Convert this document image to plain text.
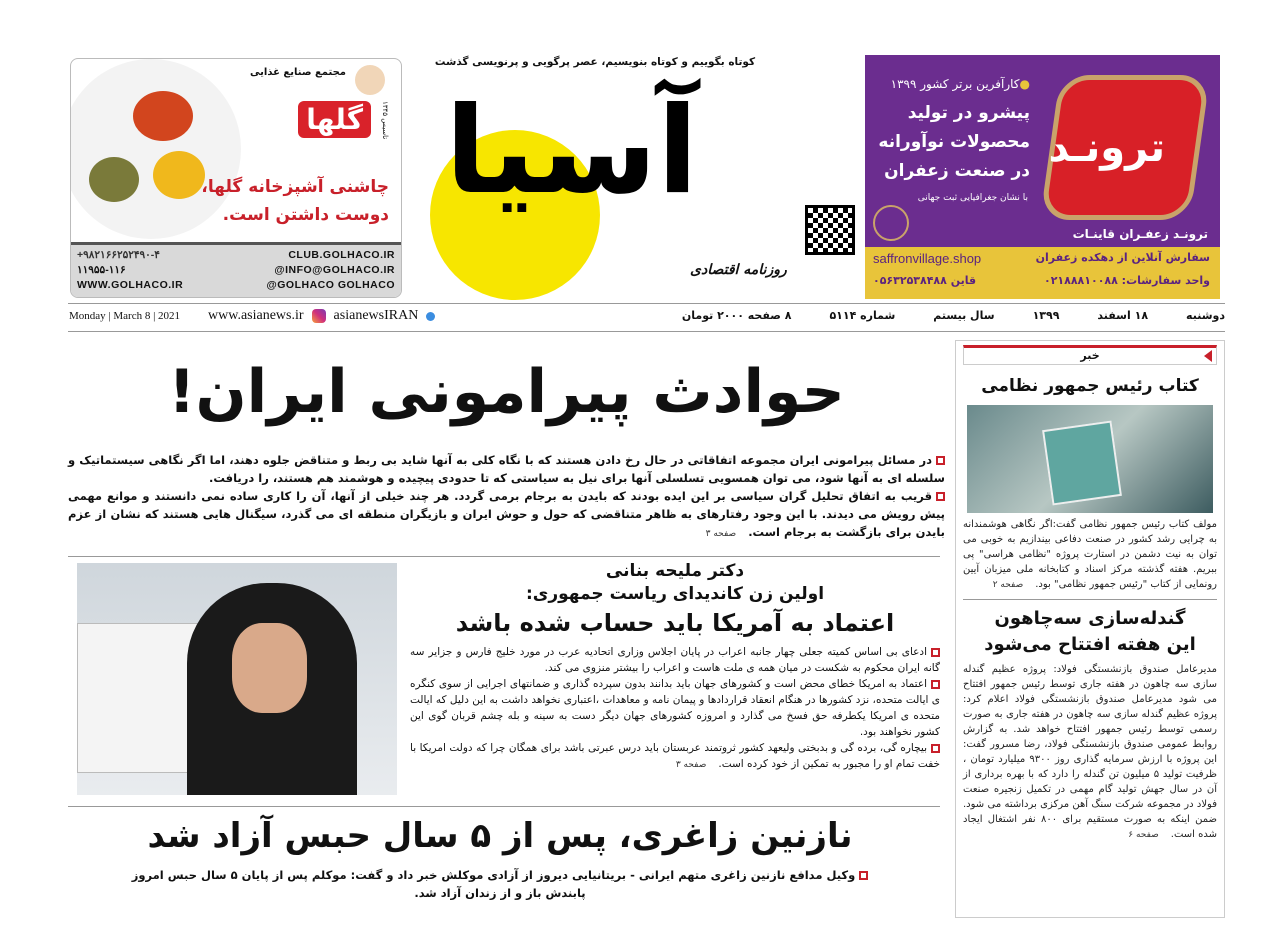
مجتمع صنایع غذایی
گلها	تاسیس ۱۳۴۵
چاشنی آشپزخانه گلها،
دوست داشتن است.
+۹۸۲۱۶۶۲۵۲۴۹۰-۴	CLUB.GOLHACO.IR
۱۱۹۵۵-۱۱۶	@INFO@GOLHACO.IR
WWW.GOLHACO.IR	@GOLHACO GOLHACO
کوتاه بگوییم و کوتاه بنویسیم، عصر پرگویی و پرنویسی گذشت
آسیا
روزنامه اقتصادی
ترونـد
ترونـد زعفـران قاینـات
●کارآفرین برتر کشور ۱۳۹۹
پیشرو در تولید
محصولات نوآورانه
در صنعت زعفران
با نشان جغرافیایی ثبت جهانی
سفارش آنلاین از دهکده زعفران
واحد سفارشات: ۰۲۱۸۸۸۱۰۰۸۸
saffronvillage.shop
قاین ۰۵۶۳۲۵۳۸۴۸۸
دوشنبه
۱۸ اسفند
۱۳۹۹
سال بیستم
شماره ۵۱۱۴
۸ صفحه ۲۰۰۰ تومان
Monday | March 8 | 2021 www.asianews.ir asianewsIRAN
حوادث پیرامونی ایران!

در مسائل پیرامونی ایران مجموعه اتفاقاتی در حال رخ دادن هستند که با نگاه کلی به آنها شاید بی ربط و متناقض جلوه دهند، اما اگر نگاهی سیستماتیک و سلسله ای به آنها شود، می توان همسویی تسلسلی آنها برای نیل به سیاستی که تا حدودی پیچیده و هوشمند هم هستند، را دریافت.

قریب به اتفاق تحلیل گران سیاسی بر این ایده بودند که بایدن به برجام برمی گردد. هر چند خیلی از آنها، آن را کاری ساده نمی دانستند و موانع مهمی پیش رویش می دیدند. با این وجود رفتارهای به ظاهر متناقضی که حول و حوش ایران و بازیگران منطقه ای می گذرد، سیگنال هایی هستند که نشان از عزم بایدن برای بازگشت به برجام است.صفحه ۳

دکتر ملیحه بنانی
اولین زن کاندیدای ریاست جمهوری:
اعتماد به آمریکا باید حساب شده باشد

ادعای بی اساس کمیته جعلی چهار جانبه اعراب در پایان اجلاس وزاری اتحادیه عرب در مورد خلیج فارس و جزایر سه گانه ایران محکوم به شکست در میان همه ی ملت هاست و اعراب را بیشتر منزوی می کند.

اعتماد به امریکا خطای محض است و کشورهای جهان باید بدانند بدون سپرده گذاری و ضمانتهای اجرایی از سوی کنگره ی ایالت متحده، نزد کشورها در هنگام انعقاد قراردادها و پیمان نامه و معاهدات ،اعتباری نخواهد داشت به این دلیل که ایالت متحده ی امریکا یکطرفه حق فسخ می گذارد و امروزه کشورهای جهان دیگر دست به سینه و بله چشم قربان گوی این کشور نخواهند بود.

بیچاره گی، برده گی و بدبختی ولیعهد کشور ثروتمند عربستان باید درس عبرتی باشد برای همگان چرا که دولت امریکا با خفت تمام او را مجبور به تمکین از خود کرده است.صفحه ۳

نازنین زاغری، پس از ۵ سال حبس آزاد شد

وکیل مدافع نازنین زاغری متهم ایرانی - بریتانیایی دیروز از آزادی موکلش خبر داد و گفت: موکلم پس از پایان ۵ سال حبس امروز پابندش باز و از زندان آزاد شد.

خبر
کتاب رئیس جمهور نظامی
مولف کتاب رئیس جمهور نظامی گفت:اگر نگاهی هوشمندانه به چرایی رشد کشور در صنعت دفاعی بیندازیم به خوبی می توان به نیت دشمن در استارت پروژه "نظامی هراسی" پی ببریم. هفته گذشته مرکز اسناد و کتابخانه ملی میزبان آیین رونمایی از کتاب "رئیس جمهور نظامی" بود.صفحه ۲
گندله‌سازی سه‌چاهون
این هفته افتتاح می‌شود
مدیرعامل صندوق بازنشستگی فولاد: پروژه عظیم گندله سازی سه چاهون در هفته جاری توسط رئیس جمهور افتتاح می شود مدیرعامل صندوق بازنشستگی فولاد اعلام کرد: پروژه عظیم گندله سازی سه چاهون در هفته جاری به صورت رسمی توسط رئیس جمهور افتتاح خواهد شد. به گزارش روابط عمومی صندوق بازنشستگی فولاد، رضا مسرور گفت: این پروژه با ارزش سرمایه گذاری روز ۹۳۰۰ میلیارد تومان ، ظرفیت تولید ۵ میلیون تن گندله را دارد که با بهره برداری از آن در سال جهش تولید گام مهمی در تکمیل زنجیره صنعت فولاد در مجموعه شرکت سنگ آهن مرکزی برداشته می شود. ضمن اینکه به صورت مستقیم برای ۸۰۰ نفر اشتغال ایجاد شده است.صفحه ۶
